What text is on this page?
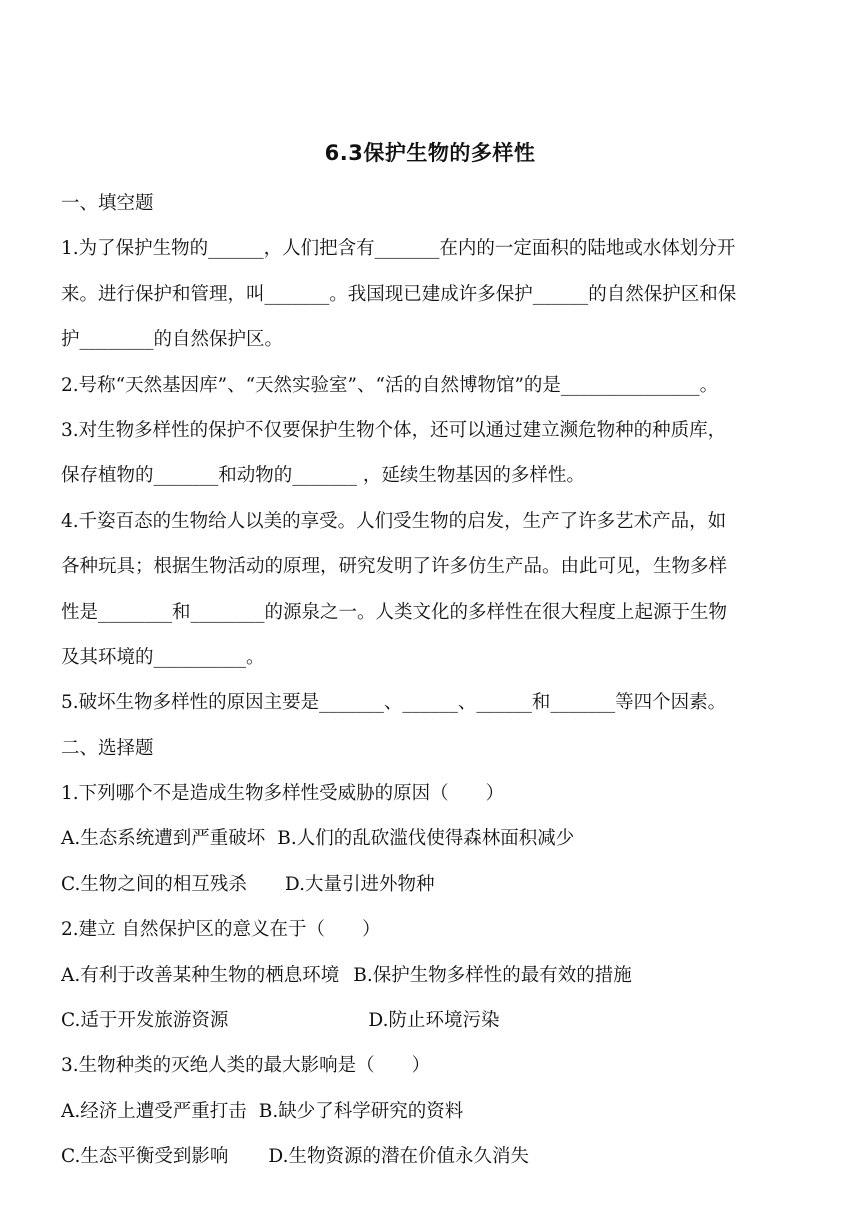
6.3保护生物的多样性
一、填空题
1.为了保护生物的______，人们把含有_______在内的一定面积的陆地或水体划分开
来。进行保护和管理，叫_______。我国现已建成许多保护______的自然保护区和保
护________的自然保护区。
2.号称“天然基因库”、“天然实验室”、“活的自然博物馆”的是_______________。
3.对生物多样性的保护不仅要保护生物个体，还可以通过建立濒危物种的种质库，
保存植物的_______和动物的_______ ，延续生物基因的多样性。
4.千姿百态的生物给人以美的享受。人们受生物的启发，生产了许多艺术产品，如
各种玩具；根据生物活动的原理，研究发明了许多仿生产品。由此可见，生物多样
性是________和________的源泉之一。人类文化的多样性在很大程度上起源于生物
及其环境的__________。
5.破坏生物多样性的原因主要是_______、______、______和_______等四个因素。
二、选择题
1.下列哪个不是造成生物多样性受威胁的原因（　　）
A.生态系统遭到严重破坏 B.人们的乱砍滥伐使得森林面积减少
C.生物之间的相互残杀 D.大量引进外物种
2.建立 自然保护区的意义在于（　　）
A.有利于改善某种生物的栖息环境 B.保护生物多样性的最有效的措施
C.适于开发旅游资源	D.防止环境污染
3.生物种类的灭绝人类的最大影响是（　　）
A.经济上遭受严重打击 B.缺少了科学研究的资料
C.生态平衡受到影响 D.生物资源的潜在价值永久消失
